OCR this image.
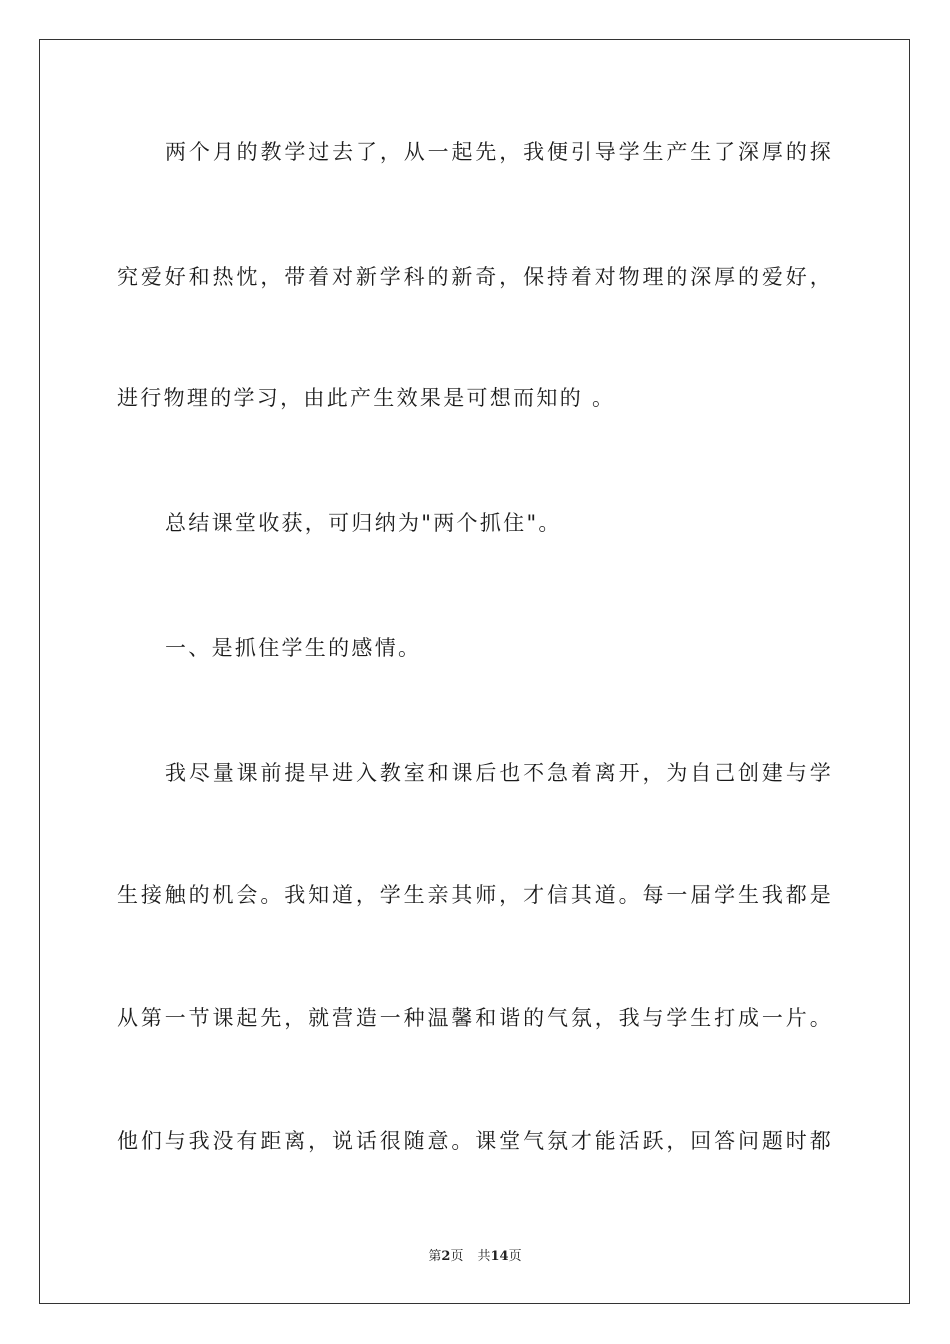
两个月的教学过去了，从一起先，我便引导学生产生了深厚的探

究爱好和热忱，带着对新学科的新奇，保持着对物理的深厚的爱好，

进行物理的学习，由此产生效果是可想而知的 。

总结课堂收获，可归纳为"两个抓住"。

一、是抓住学生的感情。

我尽量课前提早进入教室和课后也不急着离开，为自己创建与学

生接触的机会。我知道，学生亲其师，才信其道。每一届学生我都是

从第一节课起先，就营造一种温馨和谐的气氛，我与学生打成一片。

他们与我没有距离，说话很随意。课堂气氛才能活跃，回答问题时都

第2页 共14页
